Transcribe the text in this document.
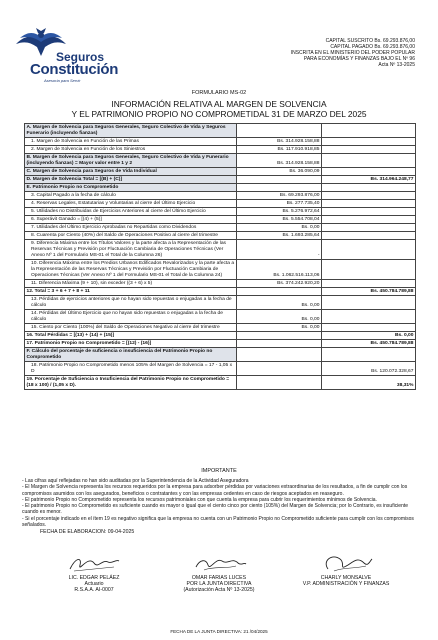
Seguros
Constitución
Asesoría para Servir
CAPITAL SUSCRITO Bs. 69.293.876,00
CAPITAL PAGADO Bs. 69.293.876,00
INSCRITA EN EL MINISTERIO DEL PODER POPULAR
PARA ECONOMÍAS Y FINANZAS BAJO EL Nº 96
Acta Nº 13-2025
FORMULARIO MS-02
INFORMACIÓN RELATIVA AL MARGEN DE SOLVENCIA
Y EL PATRIMONIO PROPIO NO COMPROMETIDAL 31 DE MARZO DEL 2025
A. Margen de Solvencia para Seguros Generales, Seguro Colectivo de Vida y Seguros Funerario (incluyendo fianzas)		
1. Margen de Solvencia en Función de las Primas	Bs. 314.928.158,88	
2. Margen de Solvencia en Función de los Siniestros	Bs. 117.910.918,85	
B. Margen de Solvencia para Seguros Generales, Seguro Colectivo de Vida y Funerario (incluyendo fianzas) = Mayor valor entre 1 y 2	Bs. 314.928.158,88	
C. Margen de Solvencia para Seguros de Vida Individual	Bs. 36.090,09	
D. Margen de Solvencia Total = [(B) + (C)]		Bs. 314.964.248,77
E. Patrimonio Propio no Comprometido		
3. Capital Pagado a la fecha de cálculo	Bs. 69.293.876,00	
4. Reservas Legales, Estatutarias y Voluntarias al cierre del Último Ejercicio	Bs. 277.735,40	
5. Utilidades no Distribuidas de Ejercicios Anteriores al cierre del Último Ejercicio	Bs. 5.276.972,64	
6. Superávit Ganado = [(4) + (5)]	Bs. 5.554.708,04	
7. Utilidades del Último Ejercicio Aprobadas no Repartidas como Dividendos	Bs. 0,00	
8. Cuarenta por Ciento (40%) del Saldo de Operaciones Positivo al cierre del trimestre	Bs. 1.693.285,64	
9. Diferencia Máxima entre los Títulos Valores y la parte afecta a la Representación de las Reservas Técnicas y Previsión por Fluctuación Cambiaria de Operaciones Técnicas (Ver Anexo Nº 1 del Formulario MS-01 el Total de la Columna 26)	-	
10. Diferencia Máxima entre los Predios Urbanos Edificados Revalorizados y la parte afecta a la Representación de las Reservas Técnicas y Previsión por Fluctuación Cambiaria de Operaciones Técnicas (Ver Anexo Nº 1 del Formulario MS-01 el Total de la Columna 24)	Bs. 1.062.516.113,06	
11. Diferencia Máxima (9 + 10), sin exceder ((3 + 6) x 5)	Bs. 374.242.920,20	
12. Total = 3 + 6 + 7 + 8 + 11		Bs. 450.784.789,88
13. Pérdidas de ejercicios anteriores que no hayan sido repuestas o enjugadas a la fecha de cálculo	Bs. 0,00	
14. Pérdidas del Último Ejercicio que no hayan sido repuestas o enjugadas a la fecha de cálculo	Bs. 0,00	
15. Ciento por Ciento (100%) del Saldo de Operaciones Negativo al cierre del trimestre	Bs. 0,00	
16. Total Pérdidas = [(13) + (14) + (15)]		Bs. 0,00
17. Patrimonio Propio no Comprometido = [(12) - (16)]		Bs. 450.784.789,88
F. Cálculo del porcentaje de suficiencia o insuficiencia del Patrimonio Propio no Comprometido		
18. Patrimonio Propio no Comprometido menos 105% del Margen de Solvencia = 17 - 1,05 x D		Bs. 120.072.328,67
19. Porcentaje de Suficiencia o Insuficiencia del Patrimonio Propio no Comprometido = (18 x 100) / (1,05 x D).		38,31%
IMPORTANTE
- Las cifras aquí reflejadas no han sido auditadas por la Superintendencia de la Actividad Aseguradora
- El Margen de Solvencia representa los recursos requeridos por la empresa para adsorber pérdidas por variaciones extraordinarias de los resultados, a fin de cumplir con los compromisos asumidos con los asegurados, beneficios o contratantes y con las empresas cedentes en caso de riesgos aceptados en reaseguro.
- El patrimonio Propio no Comprometido representa los recursos patrimoniales con que cuenta la empresa para cubrir los requerimientos mínimos de Solvencia.
- El patrimonio Propio no Comprometido es suficiente cuando es mayor o igual que el ciento cinco por ciento (105%) del Margen de Solvencia; por lo Contrario, es insuficiente cuando es menor.
- Si el porcentaje indicado en el ítem 19 es negativo significa que la empresa no cuenta con un Patrimonio Propio no Comprometido suficiente para cumplir con los compromisos señalados.
FECHA DE ELABORACION: 09-04-2025
LIC. EDGAR PELÁEZ
Actuario
R.S.A.A. AI-0007
OMAR FARIAS LUCES
POR LA JUNTA DIRECTIVA
(Autorización Acta Nº 13-2025)
CHARLY MONSALVE
V.P. ADMINISTRACIÓN Y FINANZAS
FECHA DE LA JUNTA DIRECTIVA: 21 /04/2025
